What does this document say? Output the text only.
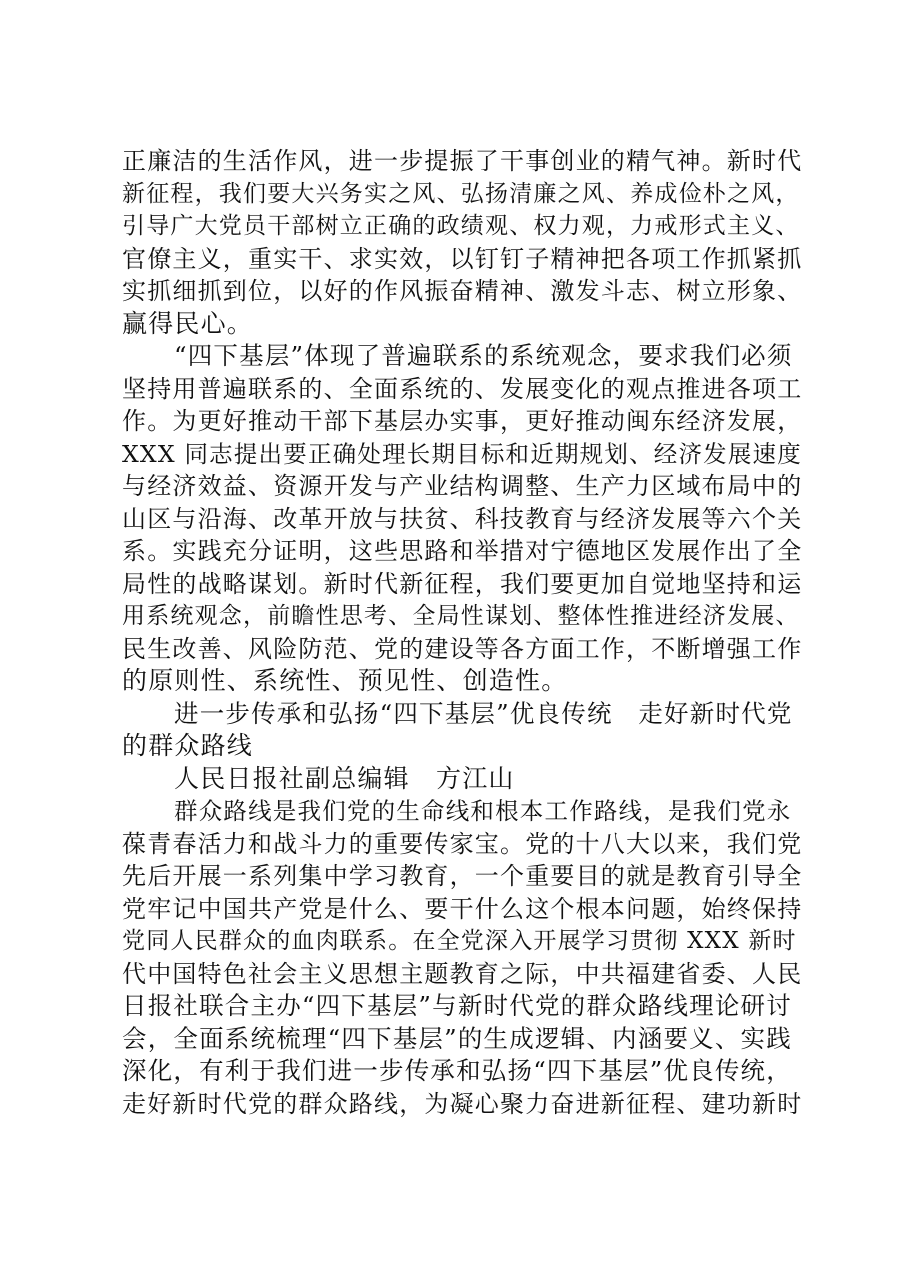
正廉洁的生活作风，进一步提振了干事创业的精气神。新时代
新征程，我们要大兴务实之风、弘扬清廉之风、养成俭朴之风，
引导广大党员干部树立正确的政绩观、权力观，力戒形式主义、
官僚主义，重实干、求实效，以钉钉子精神把各项工作抓紧抓
实抓细抓到位，以好的作风振奋精神、激发斗志、树立形象、
赢得民心。
“四下基层”体现了普遍联系的系统观念，要求我们必须
坚持用普遍联系的、全面系统的、发展变化的观点推进各项工
作。为更好推动干部下基层办实事，更好推动闽东经济发展，
XXX 同志提出要正确处理长期目标和近期规划、经济发展速度
与经济效益、资源开发与产业结构调整、生产力区域布局中的
山区与沿海、改革开放与扶贫、科技教育与经济发展等六个关
系。实践充分证明，这些思路和举措对宁德地区发展作出了全
局性的战略谋划。新时代新征程，我们要更加自觉地坚持和运
用系统观念，前瞻性思考、全局性谋划、整体性推进经济发展、
民生改善、风险防范、党的建设等各方面工作，不断增强工作
的原则性、系统性、预见性、创造性。
进一步传承和弘扬“四下基层”优良传统　走好新时代党
的群众路线
人民日报社副总编辑　方江山
群众路线是我们党的生命线和根本工作路线，是我们党永
葆青春活力和战斗力的重要传家宝。党的十八大以来，我们党
先后开展一系列集中学习教育，一个重要目的就是教育引导全
党牢记中国共产党是什么、要干什么这个根本问题，始终保持
党同人民群众的血肉联系。在全党深入开展学习贯彻 XXX 新时
代中国特色社会主义思想主题教育之际，中共福建省委、人民
日报社联合主办“四下基层”与新时代党的群众路线理论研讨
会，全面系统梳理“四下基层”的生成逻辑、内涵要义、实践
深化，有利于我们进一步传承和弘扬“四下基层”优良传统，
走好新时代党的群众路线，为凝心聚力奋进新征程、建功新时
